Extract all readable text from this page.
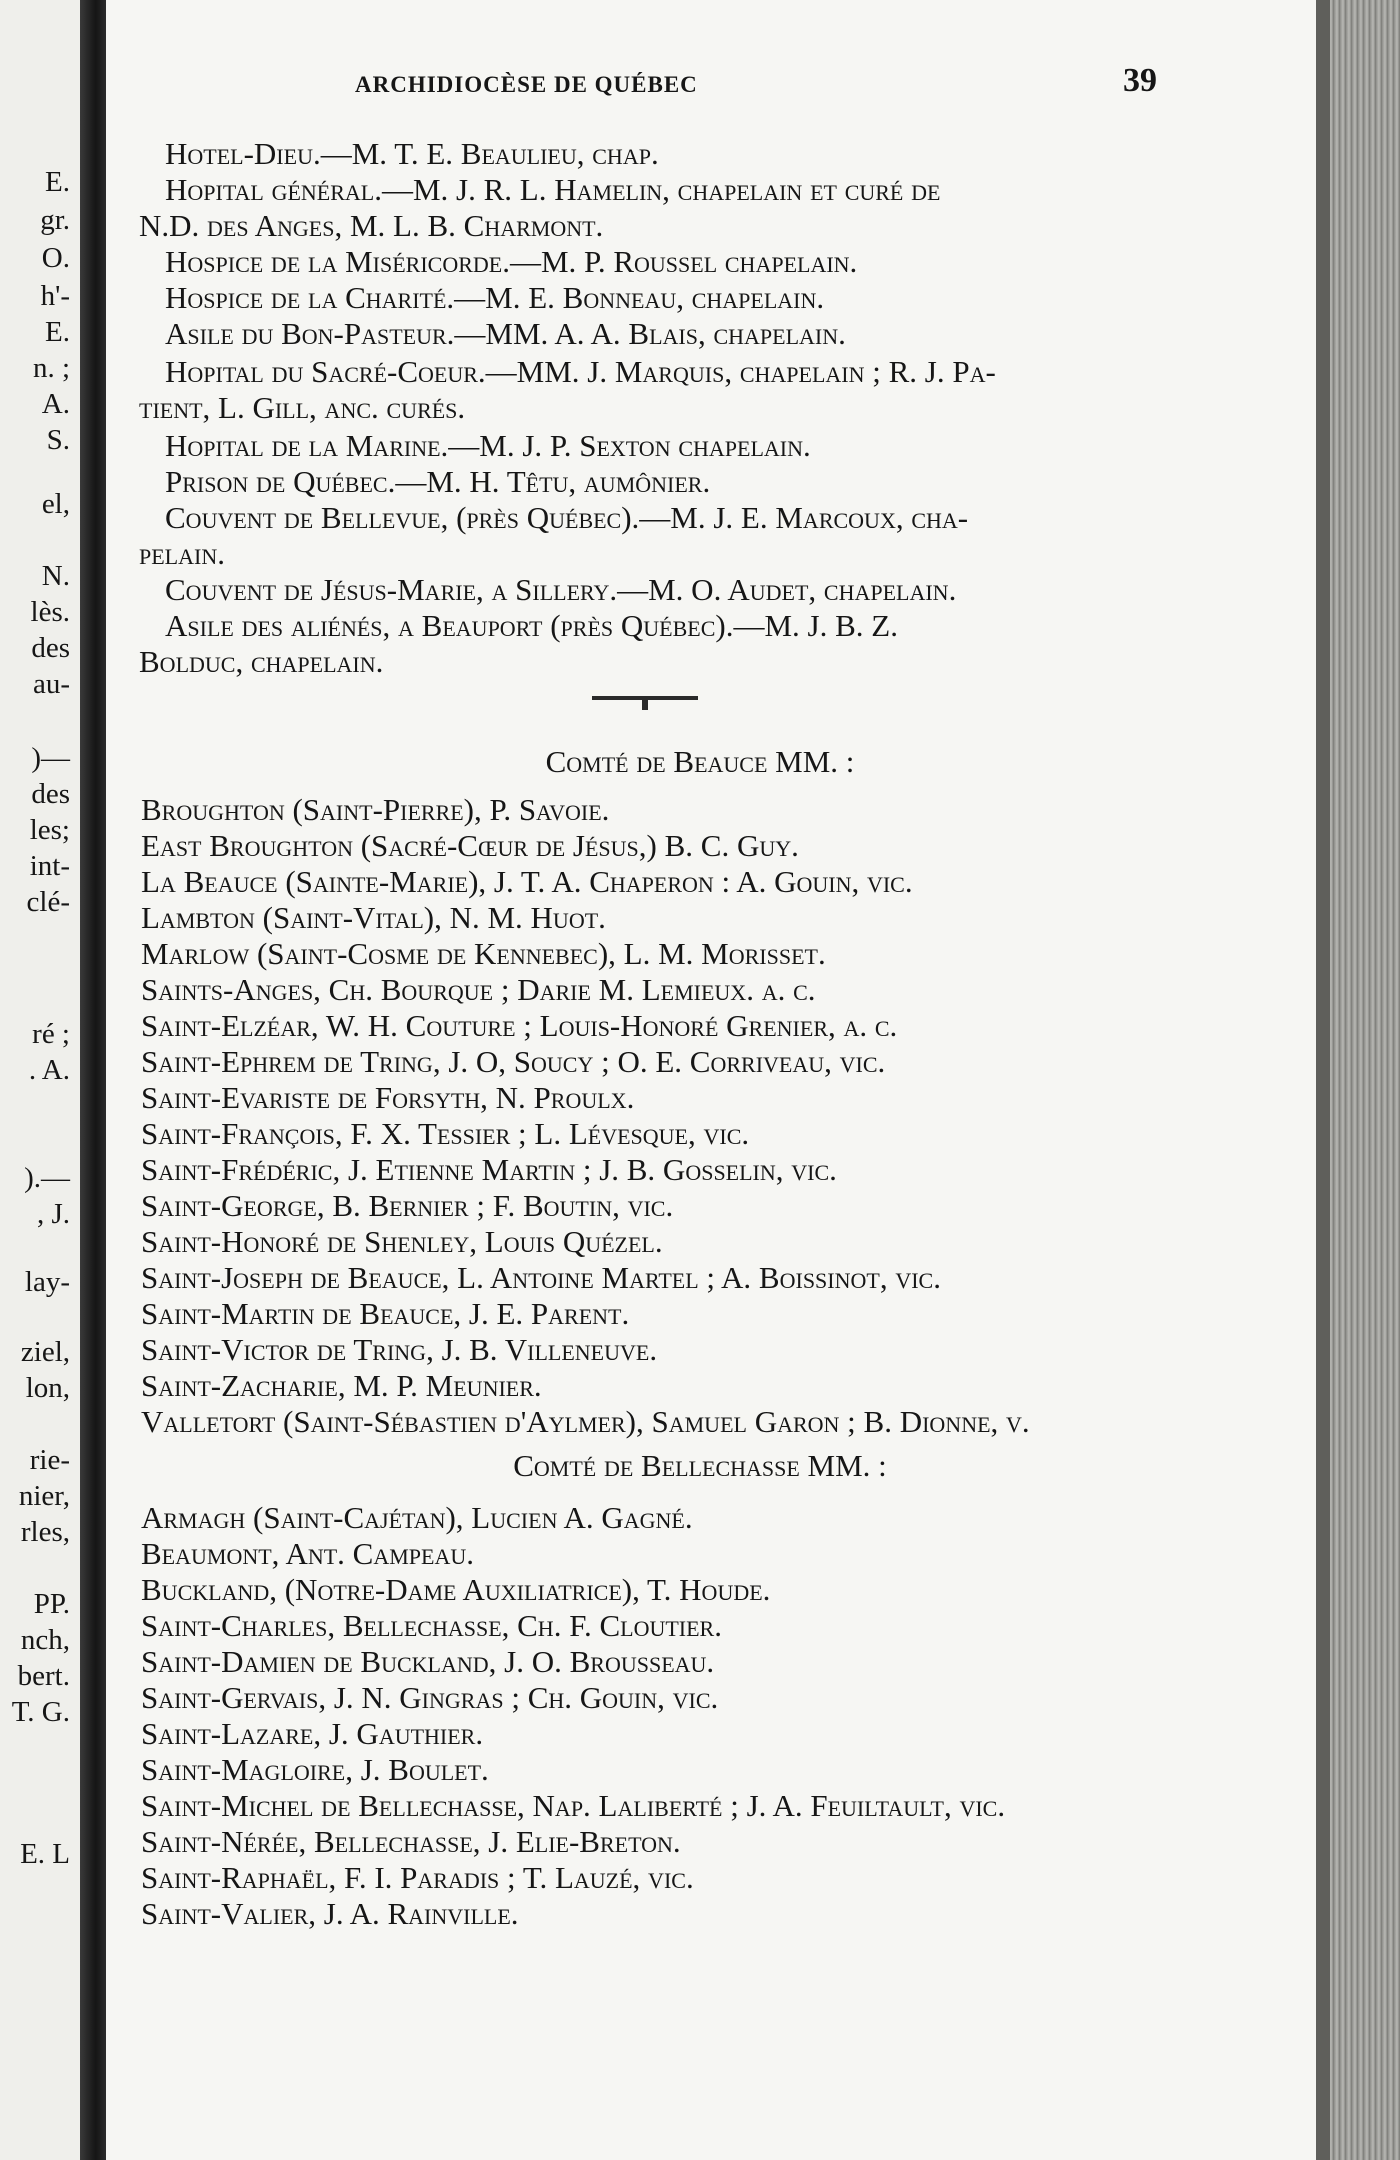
E.
gr.
O.
h'-
E.
n. ;
A.
S.
el,
N.
lès.
des
au-
)—
des
les;
int-
clé-
ré ;
. A.
).—
, J.
lay-
ziel,
lon,
rie-
nier,
rles,
PP.
nch,
bert.
T. G.
E. L
ARCHIDIOCÈSE DE QUÉBEC	39
Hotel-Dieu.—M. T. E. Beaulieu, chap.
Hopital général.—M. J. R. L. Hamelin, chapelain et curé de
N.D. des Anges, M. L. B. Charmont.
Hospice de la Miséricorde.—M. P. Roussel chapelain.
Hospice de la Charité.—M. E. Bonneau, chapelain.
Asile du Bon-Pasteur.—MM. A. A. Blais, chapelain.
Hopital du Sacré-Coeur.—MM. J. Marquis, chapelain ; R. J. Pa-
tient, L. Gill, anc. curés.
Hopital de la Marine.—M. J. P. Sexton chapelain.
Prison de Québec.—M. H. Têtu, aumônier.
Couvent de Bellevue, (près Québec).—M. J. E. Marcoux, cha-
pelain.
Couvent de Jésus-Marie, a Sillery.—M. O. Audet, chapelain.
Asile des aliénés, a Beauport (près Québec).—M. J. B. Z.
Bolduc, chapelain.
Comté de Beauce MM. :
Broughton (Saint-Pierre), P. Savoie.
East Broughton (Sacré-Cœur de Jésus,) B. C. Guy.
La Beauce (Sainte-Marie), J. T. A. Chaperon : A. Gouin, vic.
Lambton (Saint-Vital), N. M. Huot.
Marlow (Saint-Cosme de Kennebec), L. M. Morisset.
Saints-Anges, Ch. Bourque ; Darie M. Lemieux. a. c.
Saint-Elzéar, W. H. Couture ; Louis-Honoré Grenier, a. c.
Saint-Ephrem de Tring, J. O, Soucy ; O. E. Corriveau, vic.
Saint-Evariste de Forsyth, N. Proulx.
Saint-François, F. X. Tessier ; L. Lévesque, vic.
Saint-Frédéric, J. Etienne Martin ; J. B. Gosselin, vic.
Saint-George, B. Bernier ; F. Boutin, vic.
Saint-Honoré de Shenley, Louis Quézel.
Saint-Joseph de Beauce, L. Antoine Martel ; A. Boissinot, vic.
Saint-Martin de Beauce, J. E. Parent.
Saint-Victor de Tring, J. B. Villeneuve.
Saint-Zacharie, M. P. Meunier.
Valletort (Saint-Sébastien d'Aylmer), Samuel Garon ; B. Dionne, v.
Comté de Bellechasse MM. :
Armagh (Saint-Cajétan), Lucien A. Gagné.
Beaumont, Ant. Campeau.
Buckland, (Notre-Dame Auxiliatrice), T. Houde.
Saint-Charles, Bellechasse, Ch. F. Cloutier.
Saint-Damien de Buckland, J. O. Brousseau.
Saint-Gervais, J. N. Gingras ; Ch. Gouin, vic.
Saint-Lazare, J. Gauthier.
Saint-Magloire, J. Boulet.
Saint-Michel de Bellechasse, Nap. Laliberté ; J. A. Feuiltault, vic.
Saint-Nérée, Bellechasse, J. Elie-Breton.
Saint-Raphaël, F. I. Paradis ; T. Lauzé, vic.
Saint-Valier, J. A. Rainville.
